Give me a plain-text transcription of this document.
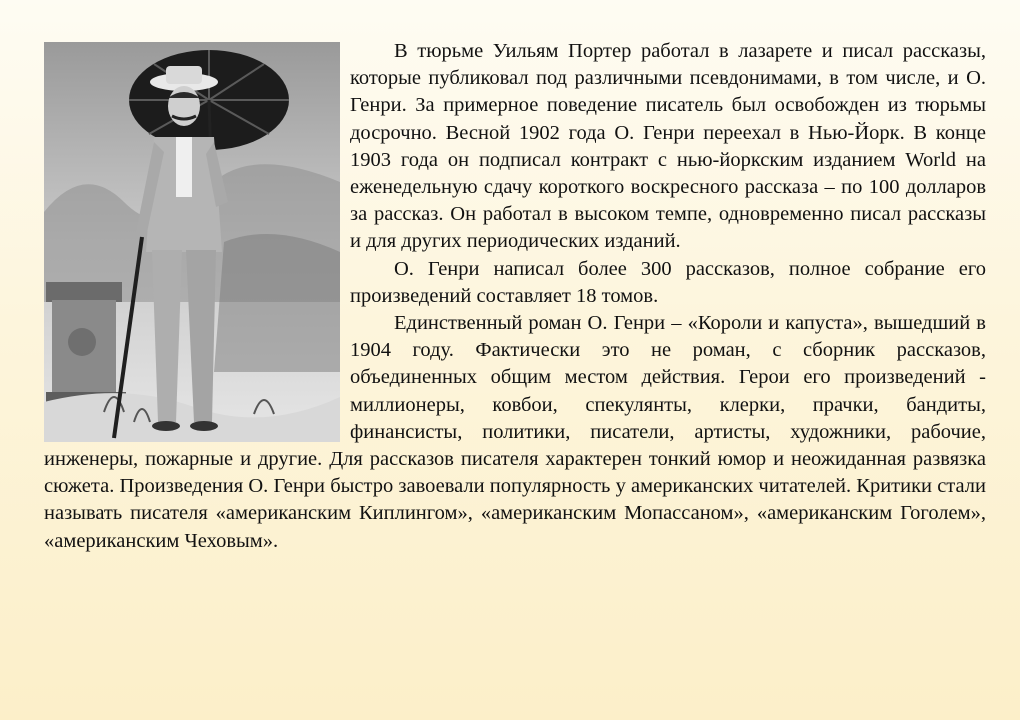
В тюрьме Уильям Портер работал в лазарете и писал рассказы, которые публиковал под различными псевдонимами, в том числе, и О. Генри. За примерное поведение писатель был освобожден из тюрьмы досрочно. Весной 1902 года О. Генри переехал в Нью-Йорк. В конце 1903 года он подписал контракт с нью-йоркским изданием World на еженедельную сдачу короткого воскресного рассказа – по 100 долларов за рассказ. Он работал в высоком темпе, одновременно писал рассказы и для других периодических изданий.

О. Генри написал более 300 рассказов, полное собрание его произведений составляет 18 томов.

Единственный роман О. Генри – «Короли и капуста», вышедший в 1904 году. Фактически это не роман, с сборник рассказов, объединенных общим местом действия. Герои его произведений - миллионеры, ковбои, спекулянты, клерки, прачки, бандиты, финансисты, политики, писатели, артисты, художники, рабочие, инженеры, пожарные и другие. Для рассказов писателя характерен тонкий юмор и неожиданная развязка сюжета. Произведения О. Генри быстро завоевали популярность у американских читателей. Критики стали называть писателя «американским Киплингом», «американским Мопассаном», «американским Гоголем», «американским Чеховым».
